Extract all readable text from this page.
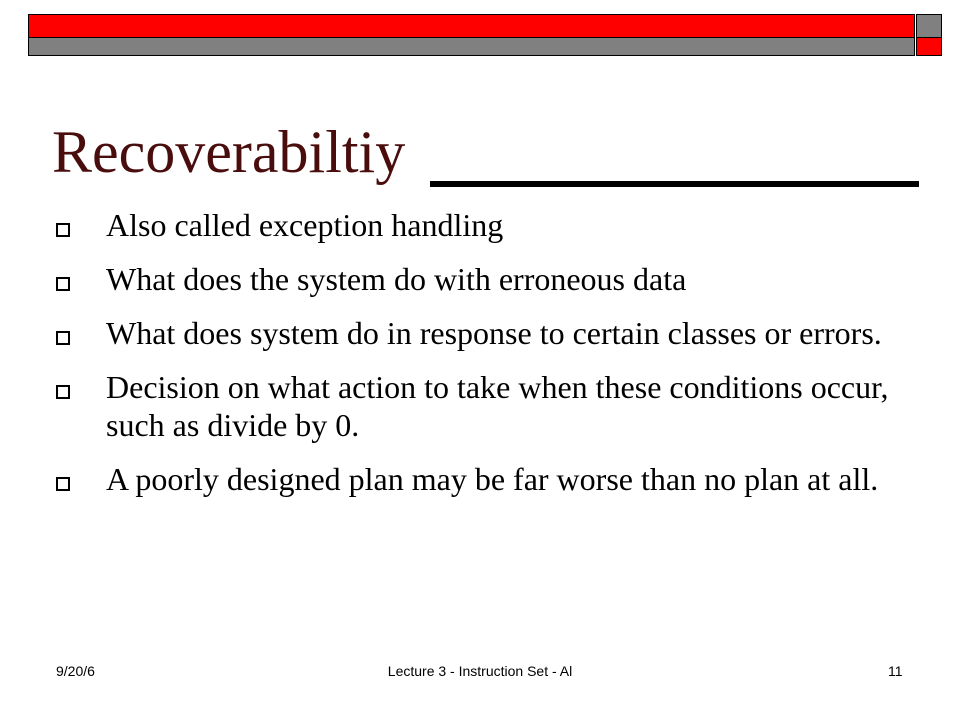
Recoverabiltiy
Also called exception handling
What does the system do with erroneous data
What does system do in response to certain classes or errors.
Decision on what action to take when these conditions occur, such as divide by 0.
A poorly designed plan may be far worse than no plan at all.
9/20/6	Lecture 3 - Instruction Set - Al	11
